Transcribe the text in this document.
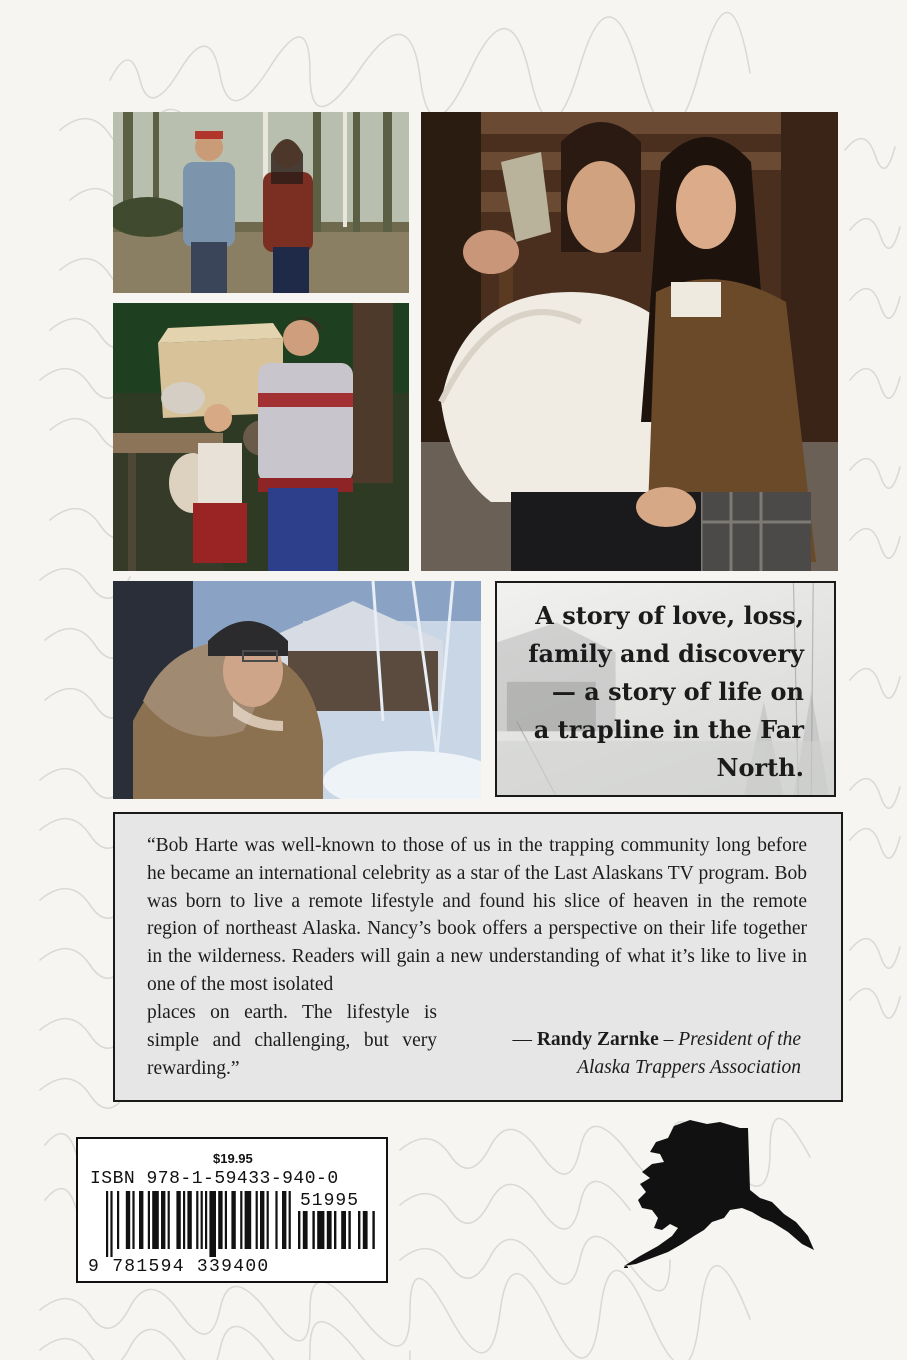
A story of love, loss,
family and discovery
— a story of life on
a trapline in the Far
North.
“Bob Harte was well-known to those of us in the trapping community long before he became an international celebrity as a star of the Last Alaskans TV program. Bob was born to live a remote lifestyle and found his slice of heaven in the remote region of northeast Alaska. Nancy’s book offers a perspective on their life together in the wilderness. Readers will gain a new understanding of what it’s like to live in one of the most isolated
places on earth. The lifestyle is simple and challenging, but very rewarding.”
— Randy Zarnke – President of the
Alaska Trappers Association
$19.95
ISBN 978-1-59433-940-0
51995
9 781594 339400
